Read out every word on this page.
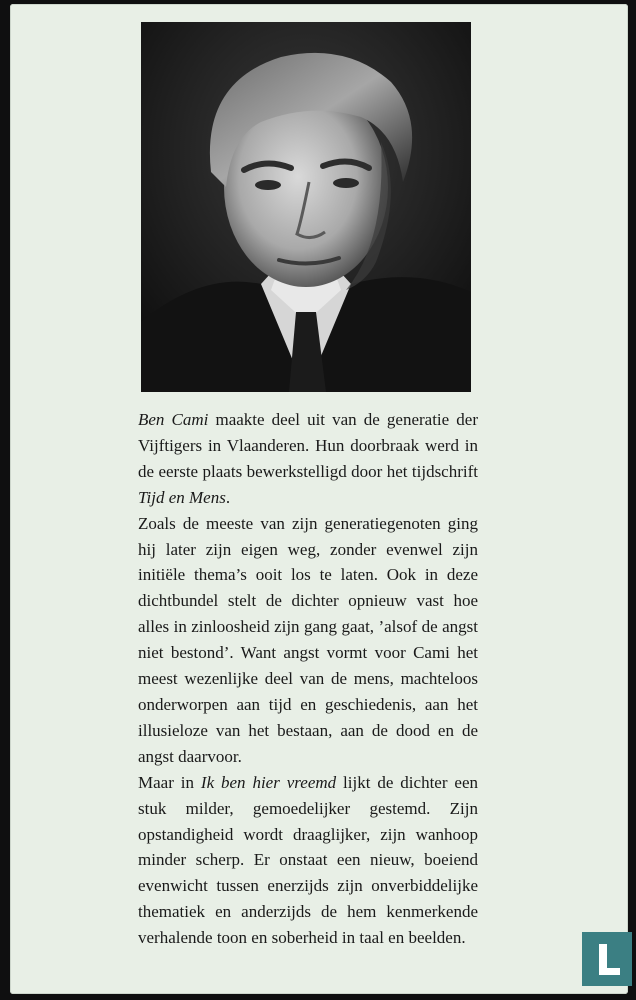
Ben Cami maakte deel uit van de generatie der Vijftigers in Vlaanderen. Hun doorbraak werd in de eerste plaats bewerkstelligd door het tijdschrift Tijd en Mens.

Zoals de meeste van zijn generatiegenoten ging hij later zijn eigen weg, zonder evenwel zijn initiële thema’s ooit los te laten. Ook in deze dichtbundel stelt de dichter opnieuw vast hoe alles in zinloosheid zijn gang gaat, ’alsof de angst niet bestond’. Want angst vormt voor Cami het meest wezenlijke deel van de mens, machteloos onderworpen aan tijd en geschiedenis, aan het illusieloze van het bestaan, aan de dood en de angst daarvoor.

Maar in Ik ben hier vreemd lijkt de dichter een stuk milder, gemoedelijker gestemd. Zijn opstandigheid wordt draaglijker, zijn wanhoop minder scherp. Er onstaat een nieuw, boeiend evenwicht tussen enerzijds zijn onverbiddelijke thematiek en anderzijds de hem kenmerkende verhalende toon en soberheid in taal en beelden.
